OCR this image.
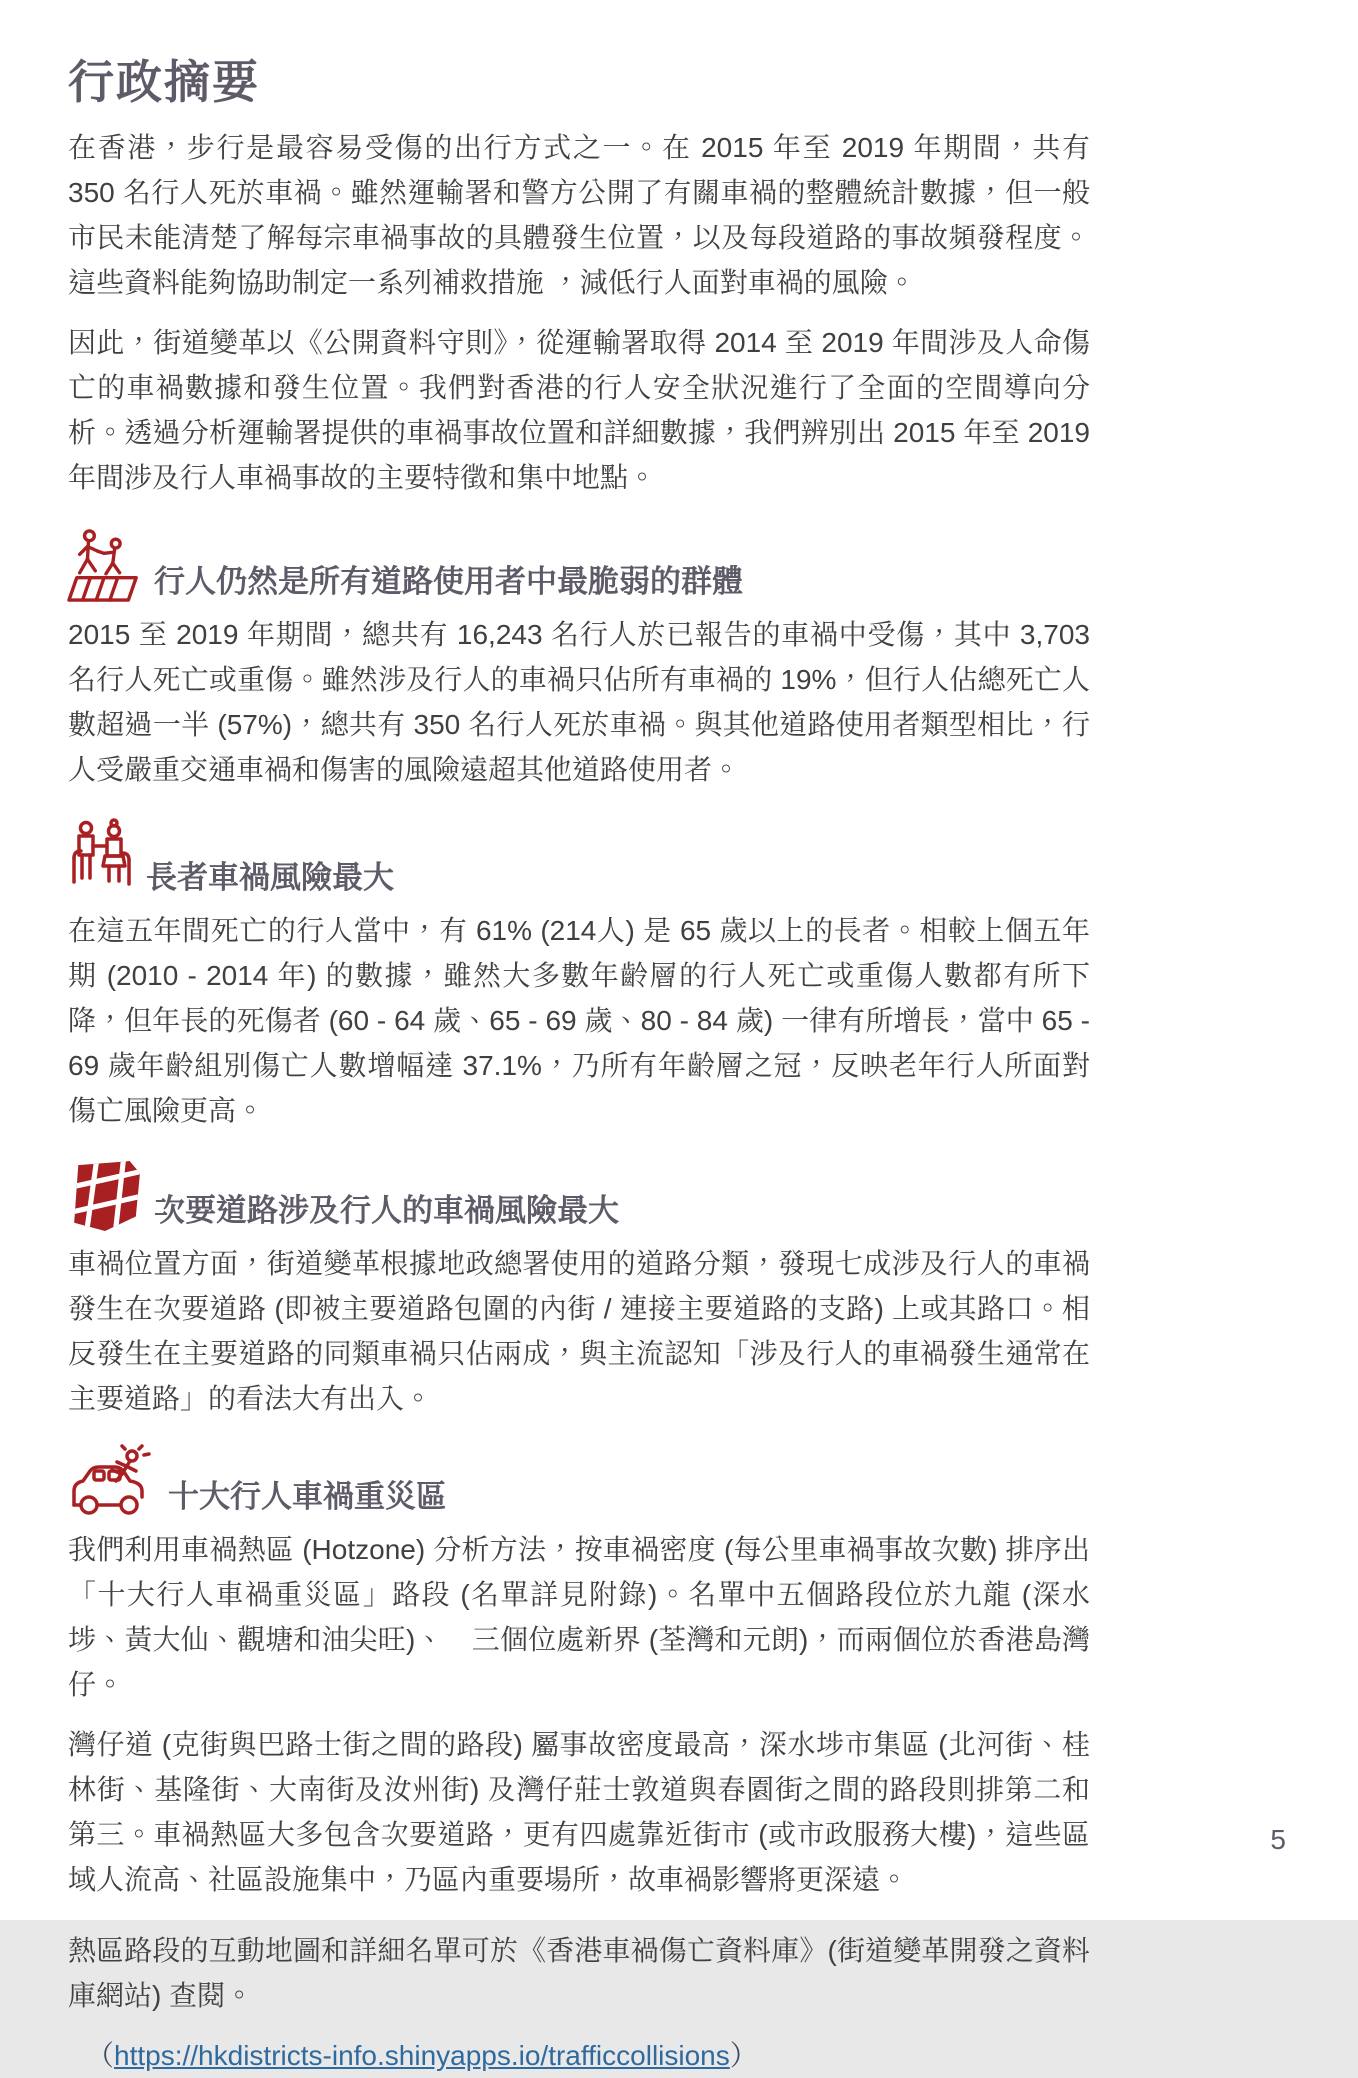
行政摘要

在香港，步行是最容易受傷的出行方式之一。在 2015 年至 2019 年期間，共有 350 名行人死於車禍。雖然運輸署和警方公開了有關車禍的整體統計數據，但一般市民未能清楚了解每宗車禍事故的具體發生位置，以及每段道路的事故頻發程度。這些資料能夠協助制定一系列補救措施 ，減低行人面對車禍的風險。

因此，街道變革以《公開資料守則》，從運輸署取得 2014 至 2019 年間涉及人命傷亡的車禍數據和發生位置。我們對香港的行人安全狀況進行了全面的空間導向分析。透過分析運輸署提供的車禍事故位置和詳細數據，我們辨別出 2015 年至 2019 年間涉及行人車禍事故的主要特徵和集中地點。

行人仍然是所有道路使用者中最脆弱的群體

2015 至 2019 年期間，總共有 16,243 名行人於已報告的車禍中受傷，其中 3,703 名行人死亡或重傷。雖然涉及行人的車禍只佔所有車禍的 19%，但行人佔總死亡人數超過一半 (57%)，總共有 350 名行人死於車禍。與其他道路使用者類型相比，行人受嚴重交通車禍和傷害的風險遠超其他道路使用者。

長者車禍風險最大

在這五年間死亡的行人當中，有 61% (214人) 是 65 歲以上的長者。相較上個五年期 (2010 - 2014 年) 的數據，雖然大多數年齡層的行人死亡或重傷人數都有所下降，但年長的死傷者 (60 - 64 歲、65 - 69 歲、80 - 84 歲) 一律有所增長，當中 65 - 69 歲年齡組別傷亡人數增幅達 37.1%，乃所有年齡層之冠，反映老年行人所面對傷亡風險更高。

次要道路涉及行人的車禍風險最大

車禍位置方面，街道變革根據地政總署使用的道路分類，發現七成涉及行人的車禍發生在次要道路 (即被主要道路包圍的內街 / 連接主要道路的支路) 上或其路口。相反發生在主要道路的同類車禍只佔兩成，與主流認知「涉及行人的車禍發生通常在主要道路」的看法大有出入。

十大行人車禍重災區

我們利用車禍熱區 (Hotzone) 分析方法，按車禍密度 (每公里車禍事故次數) 排序出「十大行人車禍重災區」路段 (名單詳見附錄)。名單中五個路段位於九龍 (深水埗、黃大仙、觀塘和油尖旺)、　三個位處新界 (荃灣和元朗)，而兩個位於香港島灣仔。

灣仔道 (克街與巴路士街之間的路段) 屬事故密度最高，深水埗市集區 (北河街、桂林街、基隆街、大南街及汝州街) 及灣仔莊士敦道與春園街之間的路段則排第二和第三。車禍熱區大多包含次要道路，更有四處靠近街市 (或市政服務大樓)，這些區域人流高、社區設施集中，乃區內重要場所，故車禍影響將更深遠。

熱區路段的互動地圖和詳細名單可於《香港車禍傷亡資料庫》(街道變革開發之資料庫網站) 查閱。

（https://hkdistricts-info.shinyapps.io/trafficcollisions）

5
